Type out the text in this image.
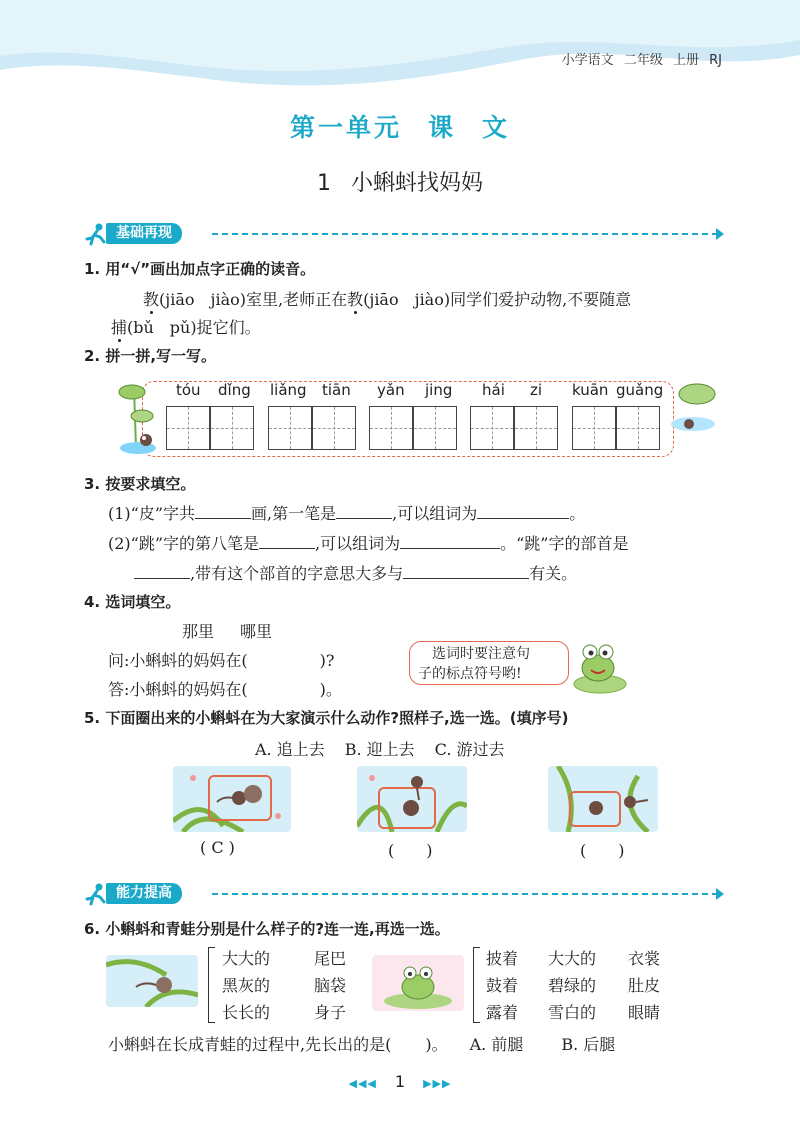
小学语文 二年级 上册 RJ
第一单元 课 文
1 小蝌蚪找妈妈
基础再现
1. 用“√”画出加点字正确的读音。
教(jiāo　jiào)室里,老师正在教(jiāo　jiào)同学们爱护动物,不要随意
捕(bǔ　pǔ)捉它们。
2. 拼一拼,写一写。
tóu dǐng liǎng tiān yǎn jing hái zi kuān guǎng
3. 按要求填空。
(1)“皮”字共	画,第一笔是	,可以组词为	。
(2)“跳”字的第八笔是	,可以组词为	。“跳”字的部首是
,带有这个部首的字意思大多与	有关。
4. 选词填空。
那里 哪里
问:小蝌蚪的妈妈在(	)?
答:小蝌蚪的妈妈在(	)。
选词时要注意句
子的标点符号哟!
5. 下面圈出来的小蝌蚪在为大家演示什么动作?照样子,选一选。(填序号)
A. 追上去 B. 迎上去 C. 游过去
( C )	(　　)	(　　)
能力提高
6. 小蝌蚪和青蛙分别是什么样子的?连一连,再选一选。
大大的	尾巴
黑灰的	脑袋
长长的	身子
披着 大大的 衣裳
鼓着 碧绿的 肚皮
露着 雪白的 眼睛
小蝌蚪在长成青蛙的过程中,先长出的是( )。 A. 前腿 B. 后腿
◀◀◀ 1 ▶▶▶
